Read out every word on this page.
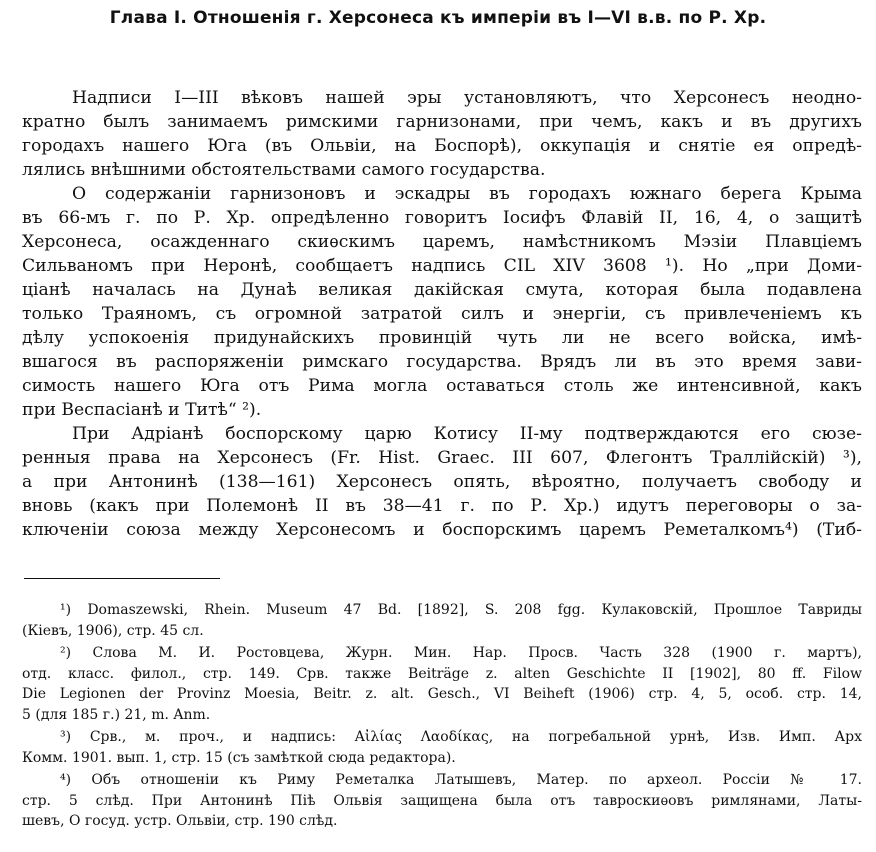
Глава I. Отношенія г. Херсонеса къ имперіи въ I—VI в.в. по Р. Хр.
Надписи I—III вѣковъ нашей эры установляютъ, что Херсонесъ неодно-
кратно былъ занимаемъ римскими гарнизонами, при чемъ, какъ и въ другихъ
городахъ нашего Юга (въ Ольвіи, на Боспорѣ), оккупація и снятіе ея опредѣ-
лялись внѣшними обстоятельствами самого государства.
О содержаніи гарнизоновъ и эскадры въ городахъ южнаго берега Крыма
въ 66-мъ г. по Р. Хр. опредѣленно говоритъ Іосифъ Флавій II, 16, 4, о защитѣ
Херсонеса, осажденнаго скиѳскимъ царемъ, намѣстникомъ Мэзіи Плавціемъ
Сильваномъ при Неронѣ, сообщаетъ надпись CIL XIV 3608 ¹). Но „при Доми-
ціанѣ началась на Дунаѣ великая дакійская смута, которая была подавлена
только Траяномъ, съ огромной затратой силъ и энергіи, съ привлеченіемъ къ
дѣлу успокоенія придунайскихъ провинцій чуть ли не всего войска, имѣ-
вшагося въ распоряженіи римскаго государства. Врядъ ли въ это время зави-
симость нашего Юга отъ Рима могла оставаться столь же интенсивной, какъ
при Веспасіанѣ и Титѣ“ ²).
При Адріанѣ боспорскому царю Котису II-му подтверждаются его сюзе-
ренныя права на Херсонесъ (Fr. Hist. Graec. III 607, Флегонтъ Траллійскій) ³),
а при Антонинѣ (138—161) Херсонесъ опять, вѣроятно, получаетъ свободу и
вновь (какъ при Полемонѣ II въ 38—41 г. по Р. Хр.) идутъ переговоры о за-
ключеніи союза между Херсонесомъ и боспорскимъ царемъ Реметалкомъ⁴) (Тиб-
¹) Domaszewski, Rhein. Museum 47 Bd. [1892], S. 208 fgg. Кулаковскій, Прошлое Тавриды
(Кіевъ, 1906), стр. 45 сл.
²) Слова М. И. Ростовцева, Журн. Мин. Нар. Просв. Часть 328 (1900 г. мартъ),
отд. класс. филол., стр. 149. Срв. также Beiträge z. alten Geschichte II [1902], 80 ff. Filow
Die Legionen der Provinz Moesia, Beitr. z. alt. Gesch., VI Beiheft (1906) стр. 4, 5, особ. стр. 14,
5 (для 185 г.) 21, m. Anm.
³) Срв., м. проч., и надпись: Αἰλίας Λαοδίκας, на погребальной урнѣ, Изв. Имп. Арх
Комм. 1901. вып. 1, стр. 15 (съ замѣткой сюда редактора).
⁴) Объ отношеніи къ Риму Реметалка Латышевъ, Матер. по археол. Россіи № 17.
стр. 5 слѣд. При Антонинѣ Піѣ Ольвія защищена была отъ тавроскиѳовъ римлянами, Латы-
шевъ, О госуд. устр. Ольвіи, стр. 190 слѣд.
